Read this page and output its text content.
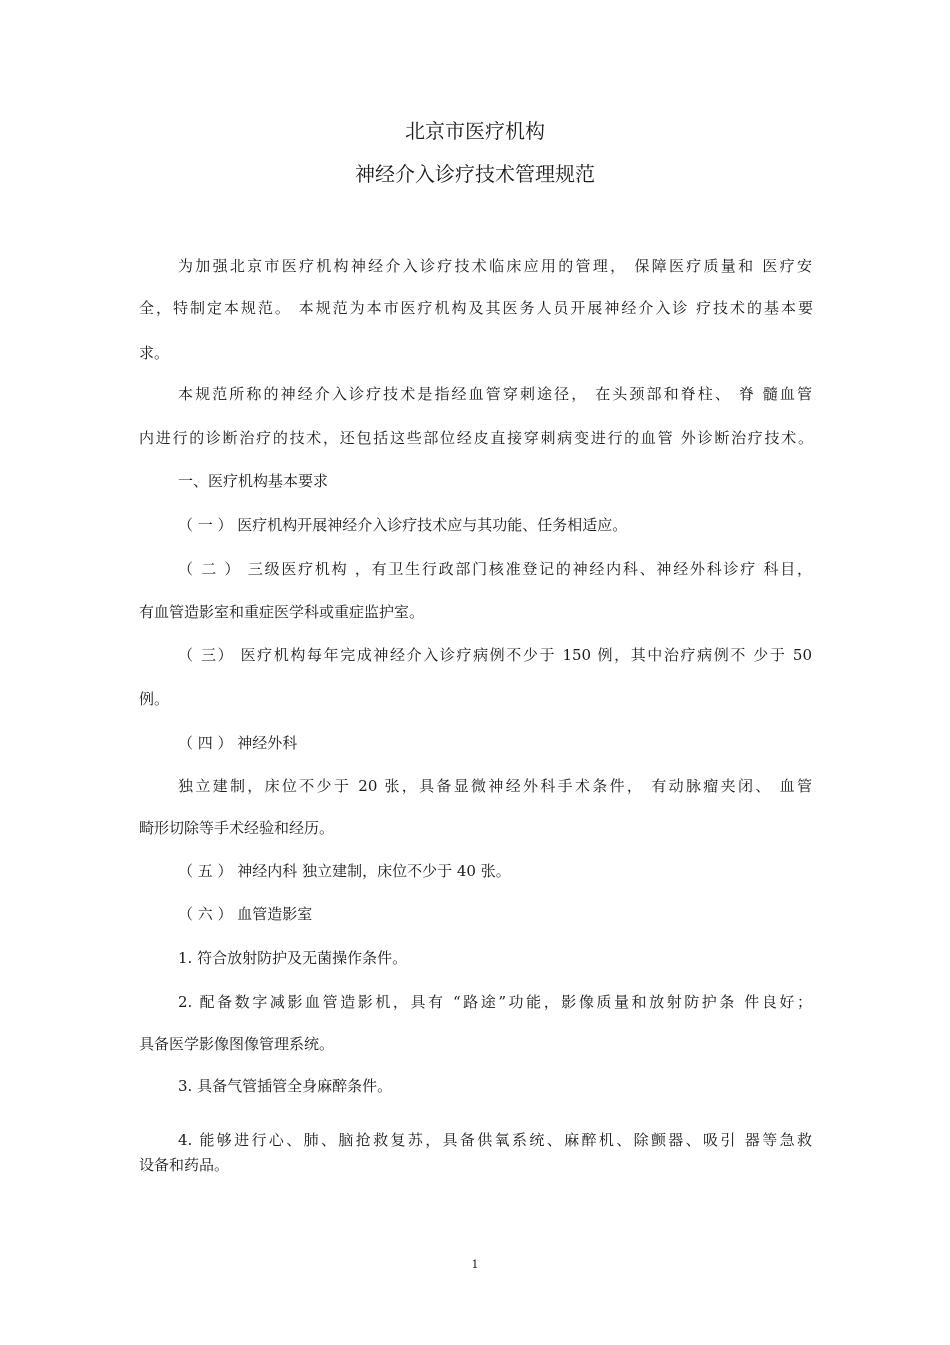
北京市医疗机构
神经介入诊疗技术管理规范
为加强北京市医疗机构神经介入诊疗技术临床应用的管理， 保障医疗质量和 医疗安
全，特制定本规范。 本规范为本市医疗机构及其医务人员开展神经介入诊 疗技术的基本要
求。
本规范所称的神经介入诊疗技术是指经血管穿刺途径， 在头颈部和脊柱、 脊 髓血管
内进行的诊断治疗的技术，还包括这些部位经皮直接穿刺病变进行的血管 外诊断治疗技术。
一、医疗机构基本要求
（ 一 ） 医疗机构开展神经介入诊疗技术应与其功能、任务相适应。
（ 二 ） 三级医疗机构 ，有卫生行政部门核准登记的神经内科、神经外科诊疗 科目，
有血管造影室和重症医学科或重症监护室。
（ 三） 医疗机构每年完成神经介入诊疗病例不少于 150 例，其中治疗病例不 少于 50
例。
（ 四 ） 神经外科
独立建制，床位不少于 20 张，具备显微神经外科手术条件， 有动脉瘤夹闭、 血管
畸形切除等手术经验和经历。
（ 五 ） 神经内科 独立建制，床位不少于 40 张。
（ 六 ） 血管造影室
1. 符合放射防护及无菌操作条件。
2. 配备数字减影血管造影机，具有 “路途”功能，影像质量和放射防护条 件良好；
具备医学影像图像管理系统。
3. 具备气管插管全身麻醉条件。
4. 能够进行心、肺、脑抢救复苏，具备供氧系统、麻醉机、除颤器、吸引 器等急救
设备和药品。
1
